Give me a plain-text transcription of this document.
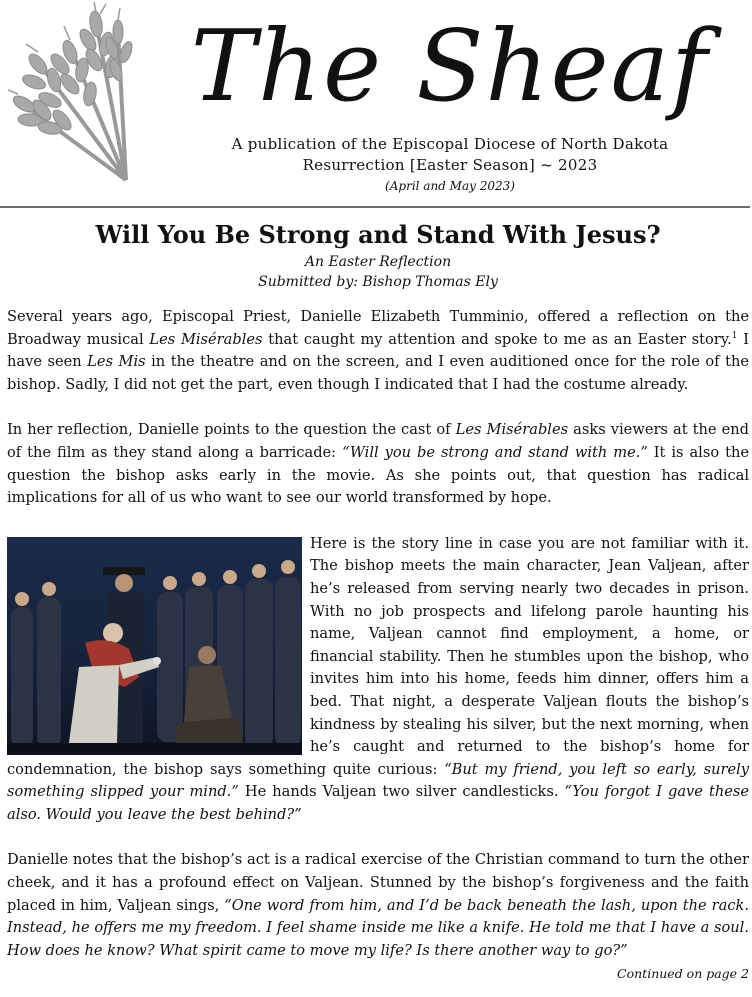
The Sheaf
A publication of the Episcopal Diocese of North Dakota
Resurrection [Easter Season] ~ 2023
(April and May 2023)
Will You Be Strong and Stand With Jesus?
An Easter Reflection
Submitted by: Bishop Thomas Ely

Several years ago, Episcopal Priest, Danielle Elizabeth Tumminio, offered a reflection on the Broadway musical Les Misérables that caught my attention and spoke to me as an Easter story.$^1$ I have seen Les Mis in the theatre and on the screen, and I even auditioned once for the role of the bishop. Sadly, I did not get the part, even though I indicated that I had the costume already.

In her reflection, Danielle points to the question the cast of Les Misérables asks viewers at the end of the film as they stand along a barricade: “Will you be strong and stand with me.” It is also the question the bishop asks early in the movie. As she points out, that question has radical implications for all of us who want to see our world transformed by hope.

Here is the story line in case you are not familiar with it. The bishop meets the main character, Jean Valjean, after he’s released from serving nearly two decades in prison. With no job prospects and lifelong parole haunting his name, Valjean cannot find employment, a home, or financial stability. Then he stumbles upon the bishop, who invites him into his home, feeds him dinner, offers him a bed. That night, a desperate Valjean flouts the bishop’s kindness by stealing his silver, but the next morning, when he’s caught and returned to the bishop’s home for condemnation, the bishop says something quite curious: “But my friend, you left so early, surely something slipped your mind.” He hands Valjean two silver candlesticks. “You forgot I gave these also. Would you leave the best behind?”

Danielle notes that the bishop’s act is a radical exercise of the Christian command to turn the other cheek, and it has a profound effect on Valjean. Stunned by the bishop’s forgiveness and the faith placed in him, Valjean sings, “One word from him, and I’d be back beneath the lash, upon the rack. Instead, he offers me my freedom. I feel shame inside me like a knife. He told me that I have a soul. How does he know? What spirit came to move my life? Is there another way to go?”

Continued on page 2
